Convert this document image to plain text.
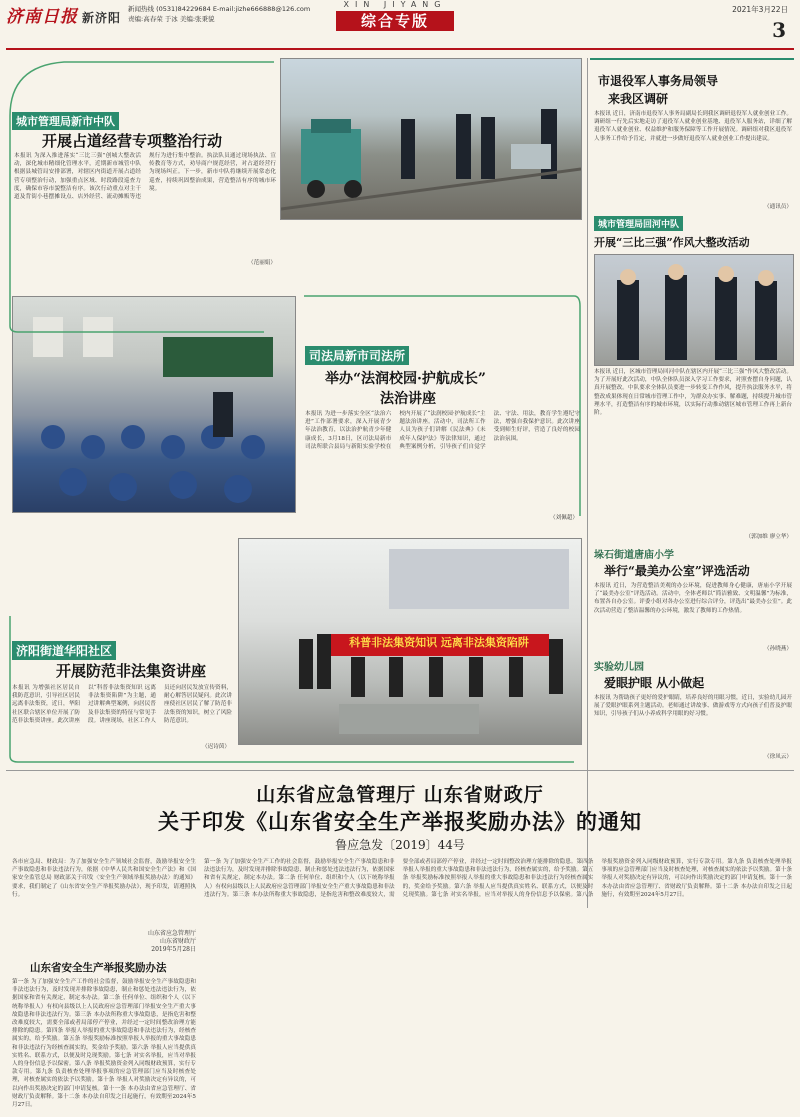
济南日报 新济阳
新闻热线 (0531)84229684 E-mail:jizhe666888@126.com
责编:高春荣 于冰 美编:张秉貌
XIN JIYANG
综合专版
2021年3月22日
3
城市管理局新市中队
开展占道经营专项整治行动
本报讯 为深入推进落实“三比三强”创城大整改活动，深化城市精细化管理水平，近期新市城管中队根据县城管局安排部署，对辖区内街道开展占道经营专项整治行动，加强重点区域、时段路段巡查力度，确保市容市貌整洁有序。该次行动重点对主干道及背街小巷摆摊设点、店外经营、流动摊贩等违规行为进行集中整治。执法队员通过现场执法、宣传教育等方式，劝导商户规范经营，对占道经营行为现场纠正。下一步，新市中队将继续开展常态化巡查，持续巩固整治成果，营造整洁有序的城市环境。
（范丽娟）
司法局新市司法所
举办“法润校园·护航成长”
法治讲座
本报讯 为进一步落实全区“法治六进”工作部署要求，深入开展青少年法治教育，以法治护航青少年健康成长，3月18日，区司法局新市司法所联合县局与新阳实验学校在校内开展了“法润校园·护航成长”主题法治讲座。活动中，司法所工作人员为孩子们讲解《民法典》《未成年人保护法》等法律知识，通过典型案例分析，引导孩子们自觉学法、守法、用法，教育学生遵纪守法，增强自我保护意识。此次讲座受到师生好评，营造了良好的校园法治氛围。
（刘佩超）
科普非法集资知识 远离非法集资陷阱
济阳街道华阳社区
开展防范非法集资讲座
本报讯 为增强社区居民自我防范意识，引导社区居民远离非法集资，近日，华阳社区联合辖区单位开展了防范非法集资讲座。此次讲座以“科普非法集资知识 远离非法集资陷阱”为主题，通过讲解典型案例，向居民普及非法集资的特征与常见手段。讲座现场，社区工作人员还向居民发放宣传资料，耐心解答居民疑问。此次讲座使社区居民了解了防范非法集资的知识，树立了风险防范意识。
（迟诗茵）
市退役军人事务局领导
来我区调研
本报讯 近日，济南市退役军人事务局副局长到我区调研退役军人就业创业工作。调研组一行先后实地走访了退役军人就业创业基地、退役军人服务站，详细了解退役军人就业创业、权益维护和服务保障等工作开展情况。调研组对我区退役军人事务工作给予肯定，并就进一步做好退役军人就业创业工作提出建议。
（通讯员）
城市管理局回河中队
开展“三比三强”作风大整改活动
本报讯 近日，区城市管理局回河中队在辖区内开展“三比三强”作风大整改活动。为了开展好此次活动，中队全体队员深入学习工作要求，对照查摆自身问题，认真开展整改。中队要求全体队员要进一步转变工作作风，提升执法服务水平，将整改成果体现在日常城市管理工作中，为群众办实事、解难题，持续提升城市管理水平，打造整洁有序的城市环境，以实际行动推动辖区城市管理工作再上新台阶。
（郭加维 廖立华）
垛石街道唐庙小学
举行“最美办公室”评选活动
本报讯 近日，为营造整洁美观的办公环境，促进教师身心健康，唐庙小学开展了“最美办公室”评选活动。活动中，全体老师以“简洁雅致、文明温馨”为标准，布置各自办公室。评委小组对各办公室进行综合评分，评选出“最美办公室”。此次活动营造了整洁温馨的办公环境，激发了教师的工作热情。
（孙晓燕）
实验幼儿园
爱眼护眼 从小做起
本报讯 为帮助孩子更好的爱护眼睛，培养良好的用眼习惯，近日，实验幼儿园开展了爱眼护眼系列主题活动。老师通过讲故事、做游戏等方式向孩子们普及护眼知识，引导孩子们从小养成科学用眼的好习惯。
（徐凤云）
山东省应急管理厅 山东省财政厅
关于印发《山东省安全生产举报奖励办法》的通知
鲁应急发〔2019〕44号
各市应急局、财政局：为了加强安全生产领域社会监督，鼓励举报安全生产事故隐患和非法违法行为，依据《中华人民共和国安全生产法》和《国家安全监管总局 财政部关于印发〈安全生产领域举报奖励办法〉的通知》要求，我们制定了《山东省安全生产举报奖励办法》，现予印发，请遵照执行。
山东省应急管理厅
山东省财政厅
2019年5月28日
山东省安全生产举报奖励办法
第一条 为了加强安全生产工作的社会监督，鼓励举报安全生产事故隐患和非法违法行为，及时发现并排除事故隐患，制止和惩处违法违法行为，依据国家和省有关规定，制定本办法。第二条 任何单位、组织和个人（以下统称举报人）有权向县级以上人民政府应急管理部门举报安全生产重大事故隐患和非法违法行为。第三条 本办法所称重大事故隐患，是指危害和整改难度较大，需要全部或者局部停产停业，并经过一定时间整改治理方能排除的隐患。第四条 举报人举报的重大事故隐患和非法违法行为，经核查属实的，给予奖励。第五条 举报奖励标准按照举报人举报的重大事故隐患和非法违法行为经核查属实的，奖金给予奖励。第六条 举报人应当提供真实姓名、联系方式，以便及时兑现奖励。第七条 对实名举报，应当对举报人的身份信息予以保密。第八条 举报奖励资金列入同级财政预算，实行专款专用。第九条 负责核查处理举报事项的应急管理部门应当及时核查处理，对核查属实的依法予以奖励。第十条 举报人对奖励决定有异议的，可以向作出奖励决定的部门申请复核。第十一条 本办法由省应急管理厅、省财政厅负责解释。第十二条 本办法自印发之日起施行，有效期至2024年5月27日。
第一条 为了加强安全生产工作的社会监督，鼓励举报安全生产事故隐患和非法违法行为，及时发现并排除事故隐患，制止和惩处违法违法行为，依据国家和省有关规定，制定本办法。第二条 任何单位、组织和个人（以下统称举报人）有权向县级以上人民政府应急管理部门举报安全生产重大事故隐患和非法违法行为。第三条 本办法所称重大事故隐患，是指危害和整改难度较大，需要全部或者局部停产停业，并经过一定时间整改治理方能排除的隐患。第四条 举报人举报的重大事故隐患和非法违法行为，经核查属实的，给予奖励。第五条 举报奖励标准按照举报人举报的重大事故隐患和非法违法行为经核查属实的，奖金给予奖励。第六条 举报人应当提供真实姓名、联系方式，以便及时兑现奖励。第七条 对实名举报，应当对举报人的身份信息予以保密。第八条 举报奖励资金列入同级财政预算，实行专款专用。第九条 负责核查处理举报事项的应急管理部门应当及时核查处理，对核查属实的依法予以奖励。第十条 举报人对奖励决定有异议的，可以向作出奖励决定的部门申请复核。第十一条 本办法由省应急管理厅、省财政厅负责解释。第十二条 本办法自印发之日起施行，有效期至2024年5月27日。
